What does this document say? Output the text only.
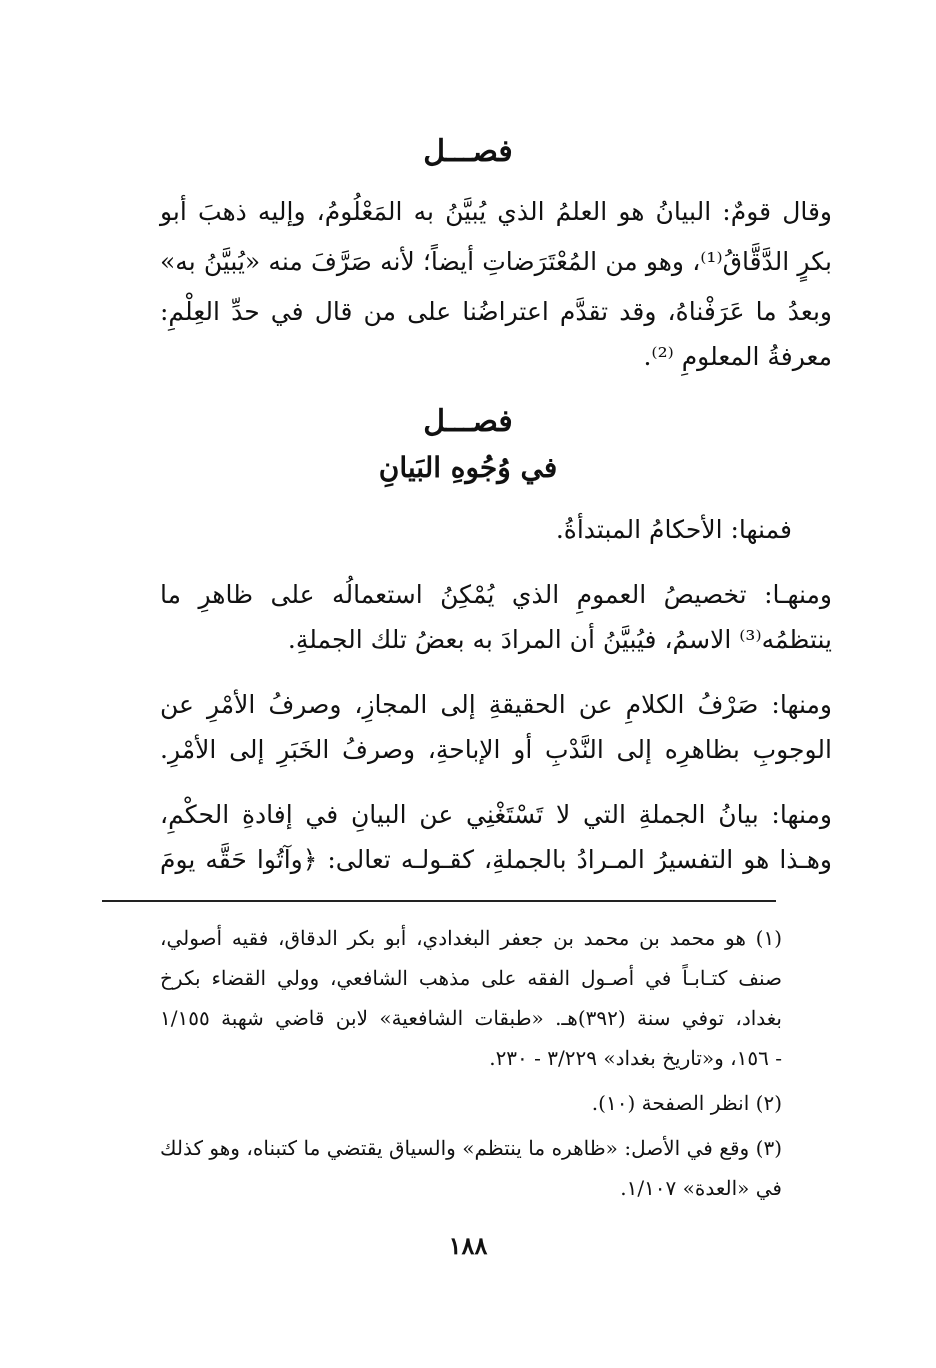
فصـــل

وقال قومٌ: البيانُ هو العلمُ الذي يُبيَّنُ به المَعْلُومُ، وإليه ذهبَ أبو

بكرٍ الدَّقَّاقُ⁽¹⁾، وهو من المُعْتَرَضاتِ أيضاً؛ لأنه صَرَّفَ منه «يُبيَّنُ به»

وبعدُ ما عَرَفْناهُ، وقد تقدَّم اعتراضُنا على من قال في حدِّ العِلْمِ:

معرفةُ المعلومِ ⁽²⁾.

فصـــل
في وُجُوهِ البَيانِ

فمنها: الأحكامُ المبتدأةُ.

ومنهـا: تخصيصُ العمومِ الذي يُمْكِنُ استعمالُه على ظاهرِ ما

ينتظمُه⁽³⁾ الاسمُ، فيُبيَّنُ أن المرادَ به بعضُ تلك الجملةِ.

ومنها: صَرْفُ الكلامِ عن الحقيقةِ إلى المجازِ، وصرفُ الأمْرِ عن

الوجوبِ بظاهرِه إلى النَّدْبِ أو الإباحةِ، وصرفُ الخَبَرِ إلى الأمْرِ.

ومنها: بيانُ الجملةِ التي لا تَسْتَغْنِي عن البيانِ في إفادةِ الحكْمِ،

وهـذا هو التفسيرُ المـرادُ بالجملةِ، كقـولـه تعالى: ﴿وآتُوا حَقَّه يومَ

(١) هو محمد بن محمد بن جعفر البغدادي، أبو بكر الدقاق، فقيه أصولي،

صنف كتـابـاً في أصـول الفقه على مذهب الشافعي، وولي القضاء بكرخ

بغداد، توفي سنة (٣٩٢)هـ. «طبقات الشافعية» لابن قاضي شهبة ١/١٥٥

- ١٥٦، و«تاريخ بغداد» ٣/٢٢٩ - ٢٣٠.

(٢) انظر الصفحة (١٠).

(٣) وقع في الأصل: «ظاهره ما ينتظم» والسياق يقتضي ما كتبناه، وهو كذلك

في «العدة» ١/١٠٧.

١٨٨
